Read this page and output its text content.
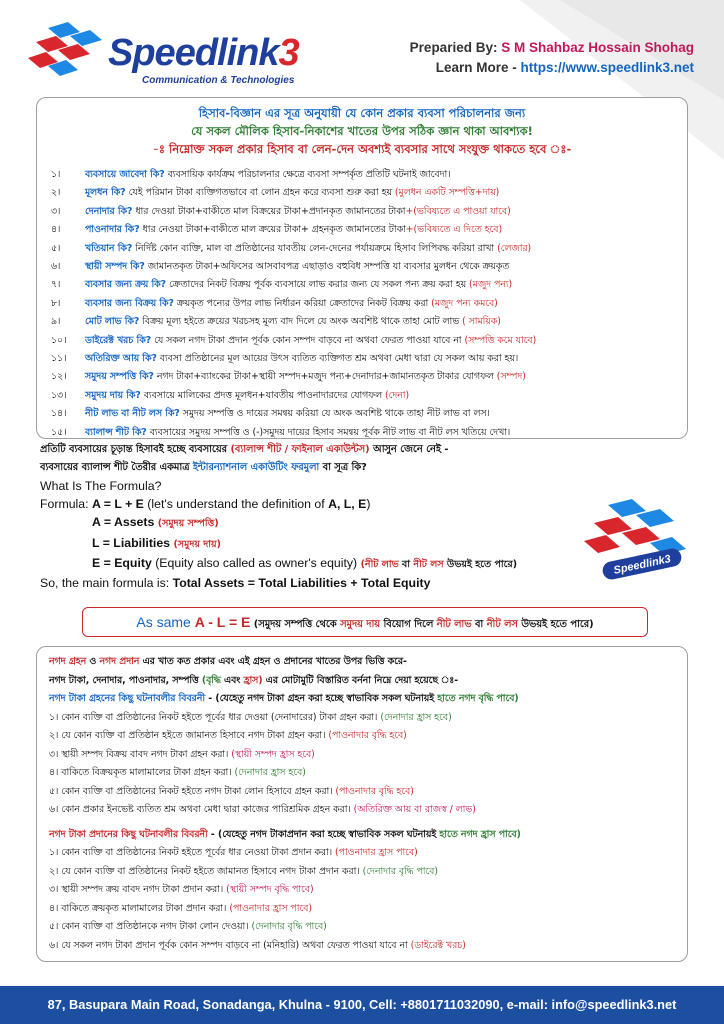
Speedlink3
Communication & Technologies
Preparied By: S M Shahbaz Hossain Shohag
Learn More - https://www.speedlink3.net
হিসাব-বিজ্ঞান এর সূত্র অনুযায়ী যে কোন প্রকার ব্যবসা পরিচালনার জন্য
যে সকল মৌলিক হিসাব-নিকাশের খাতের উপর সঠিক জ্ঞান থাকা আবশ্যক!
-ঃ নিম্নোক্ত সকল প্রকার হিসাব বা লেন-দেন অবশ্যই ব্যবসার সাথে সংযুক্ত থাকতে হবে ঃ-
১।	ব্যবসায়ে জাবেদা কি? ব্যবসায়িক কার্যক্রম পরিচালনার ক্ষেত্রে ব্যবসা সম্পর্কৃত প্রতিটি ঘটনাই জাবেদা।
২।	মূলধন কি? যেই পরিমান টাকা ব্যক্তিগতভাবে বা লোন গ্রহন করে ব্যবসা শুরু করা হয় (মুলধন একটি সম্পত্তি+দায়)
৩।	দেনাদার কি? ধার দেওয়া টাকা+বাকীতে মাল বিক্রয়ের টাকা+প্রদানকৃত জামানতের টাকা+(ভবিষ্যতে এ পাওয়া যাবে)
৪।	পাওনাদার কি? ধার নেওয়া টাকা+বাকীতে মাল ক্রয়ের টাকা+ গ্রহনকৃত জামানতের টাকা+(ভবিষ্যতে এ দিতে হবে)
৫।	খতিয়ান কি? নির্দিষ্ট কোন ব্যক্তি, মাল বা প্রতিষ্ঠানের যাবতীয় লেন-দেনের পর্যায়ক্রমে হিসাব লিপিবদ্ধ করিয়া রাখা (লেজার)
৬।	স্থায়ী সম্পদ কি? জামানতকৃত টাকা+অফিসের আসবাবপত্র এছাড়াও বহুবিধ সম্পত্তি যা ব্যবসার মুলধন থেকে ক্রয়কৃত
৭।	ব্যবসার জন্য ক্রয় কি? ক্রেতাদের নিকট বিক্রয় পূর্বক ব্যবসায়ে লাভ করার জন্য যে সকল পন্য ক্রয় করা হয় (মজুদ পন্য)
৮।	ব্যবসার জন্য বিক্রয় কি? ক্রয়কৃত পন্যের উপর লাভ নির্ধারন করিয়া ক্রেতাদের নিকট বিক্রয় করা (মজুদ পন্য কমবে)
৯।	মোট লাভ কি? বিক্রয় মূল্য হইতে ক্রয়ের খরচসহ মূল্য বাদ দিলে যে অংক অবশিষ্ট থাকে তাহা মোট লাভ ( সাময়িক)
১০। ডাইরেক্ট খরচ কি? যে সকল নগদ টাকা প্রদান পূর্বক কোন সম্পদ বাড়বে না অথবা ফেরত পাওয়া যাবে না (সম্পত্তি কমে যাবে)
১১। অতিরিক্ত আয় কি? ব্যবসা প্রতিষ্ঠানের মূল আয়ের উৎস ব্যতিত ব্যক্তিগত শ্রম অথবা মেধা দ্বারা যে সকল আয় করা হয়।
১২। সমুদয় সম্পত্তি কি? নগদ টাকা+ব্যাংকের টাকা+স্থায়ী সম্পদ+মজুদ পন্য+দেনাদার+জামানতকৃত টাকার যোগফল (সম্পদ)
১৩। সমুদয় দায় কি? ব্যবসায়ে মালিকের প্রদত্ত মূলধন+যাবতীয় পাওনাদারদের যোগফল (দেনা)
১৪। নীট লাভ বা নীট লস কি? সমুদয় সম্পত্তি ও দায়ের সমন্বয় করিয়া যে অংক অবশিষ্ট থাকে তাহা নীট লাভ বা লস।
১৫। ব্যালান্স শীট কি? ব্যবসায়ের সমুদয় সম্পত্তি ও (-)সমুদয় দায়ের হিসাব সমন্বয় পূর্বক নীট লাভ বা নীট লস খতিয়ে দেখা।
প্রতিটি ব্যবসায়ের চূড়ান্ত হিসাবই হচ্ছে ব্যবসায়ের (ব্যালান্স শীট / ফাইনাল একাউন্টস) আসুন জেনে নেই -
ব্যবসায়ের ব্যালান্স শীট তৈরীর একমাত্র ইন্টারন্যাশনাল একাউটিং ফরমুলা বা সূত্র কি?
What Is The Formula?
Formula: A = L + E (let's understand the definition of A, L, E)
A = Assets (সমুদয় সম্পত্তি)
L = Liabilities (সমুদয় দায়)
E = Equity (Equity also called as owner's equity) (নীট লাভ বা নীট লস উভয়ই হতে পারে)
So, the main formula is: Total Assets = Total Liabilities + Total Equity
Speedlink3
As same A - L = E (সমুদয় সম্পত্তি থেকে সমুদয় দায় বিয়োগ দিলে নীট লাভ বা নীট লস উভয়ই হতে পারে)
নগদ গ্রহন ও নগদ প্রদান এর খাত কত প্রকার এবং এই গ্রহন ও প্রদানের খাতের উপর ভিত্তি করে-
নগদ টাকা, দেনাদার, পাওনাদার, সম্পত্তি (বৃদ্ধি এবং হ্রাস) এর মোটামুটি বিস্তারিত বর্ননা নিম্নে দেয়া হয়েছে ঃ-
নগদ টাকা গ্রহনের কিছু ঘটনাবলীর বিবরনী - (যেহেতু নগদ টাকা গ্রহন করা হচ্ছে স্বাভাবিক সকল ঘটনায়ই হাতে নগদ বৃদ্ধি পাবে)
১। কোন ব্যক্তি বা প্রতিষ্ঠানের নিকট হইতে পূর্বের ধার দেওয়া (দেনাদারের) টাকা গ্রহন করা। (দেনাদার হ্রাস হবে)
২। যে কোন ব্যক্তি বা প্রতিষ্ঠান হইতে জামানত হিসাবে নগদ টাকা গ্রহন করা। (পাওনাদার বৃদ্ধি হবে)
৩। স্থায়ী সম্পদ বিক্রয় বাবদ নগদ টাকা গ্রহন করা। (স্থায়ী সম্পদ হ্রাস হবে)
৪। বাকিতে বিক্রয়কৃত মালামালের টাকা গ্রহন করা। (দেনাদার হ্রাস হবে)
৫। কোন ব্যক্তি বা প্রতিষ্ঠানের নিকট হইতে নগদ টাকা লোন হিসাবে গ্রহন করা। (পাওনাদার বৃদ্ধি হবে)
৬। কোন প্রকার ইনভেষ্ট ব্যতিত শ্রম অথবা মেধা দ্বারা কাজের পারিশ্রমিক গ্রহন করা। (অতিরিক্ত আয় বা রাজস্ব / লাভ)
নগদ টাকা প্রদানের কিছু ঘটনাবলীর বিবরনী - (যেহেতু নগদ টাকাপ্রদান করা হচ্ছে স্বাভাবিক সকল ঘটনায়ই হাতে নগদ হ্রাস পাবে)
১। কোন ব্যক্তি বা প্রতিষ্ঠানের নিকট হইতে পূর্বের ধার নেওয়া টাকা প্রদান করা। (পাওনাদার হ্রাস পাবে)
২। যে কোন ব্যক্তি বা প্রতিষ্ঠানের নিকট হইতে জামানত হিসাবে নগদ টাকা প্রদান করা। (দেনাদার বৃদ্ধি পাবে)
৩। স্থায়ী সম্পদ ক্রয় বাবদ নগদ টাকা প্রদান করা। (স্থায়ী সম্পদ বৃদ্ধি পাবে)
৪। বাকিতে ক্রয়কৃত মালামালের টাকা প্রদান করা। (পাওনাদার হ্রাস পাবে)
৫। কোন ব্যক্তি বা প্রতিষ্ঠানকে নগদ টাকা লোন দেওয়া। (দেনাদার বৃদ্ধি পাবে)
৬। যে সকল নগদ টাকা প্রদান পূর্বক কোন সম্পদ বাড়বে না (মনিহারি) অথবা ফেরত পাওয়া যাবে না (ডাইরেক্ট খরচ)
87, Basupara Main Road, Sonadanga, Khulna - 9100, Cell: +8801711032090, e-mail: info@speedlink3.net
